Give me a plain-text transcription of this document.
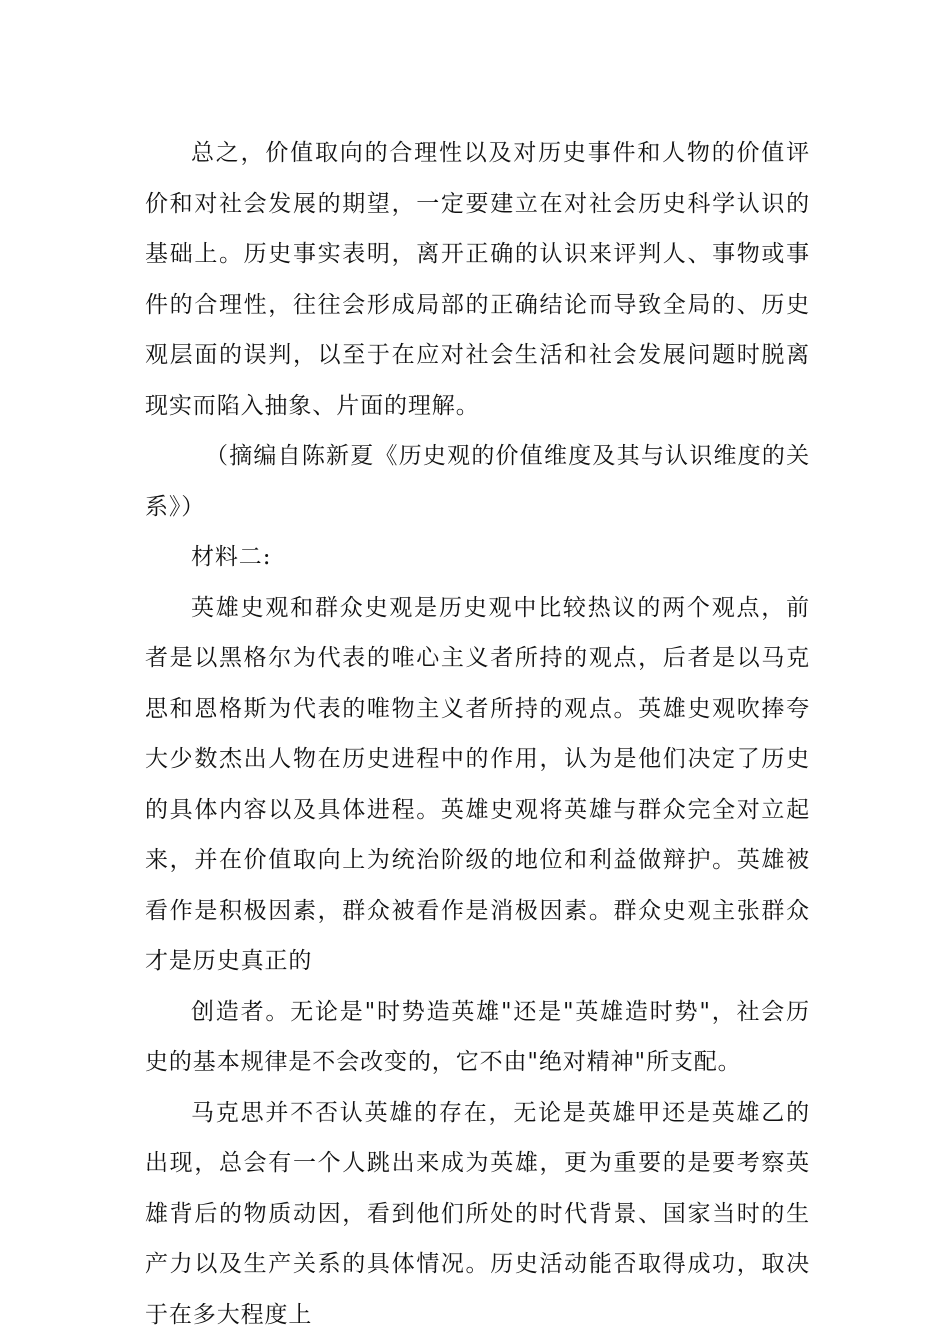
总之，价值取向的合理性以及对历史事件和人物的价值评价和对社会发展的期望，一定要建立在对社会历史科学认识的基础上。历史事实表明，离开正确的认识来评判人、事物或事件的合理性，往往会形成局部的正确结论而导致全局的、历史观层面的误判，以至于在应对社会生活和社会发展问题时脱离现实而陷入抽象、片面的理解。

（摘编自陈新夏《历史观的价值维度及其与认识维度的关系》）

材料二:

英雄史观和群众史观是历史观中比较热议的两个观点，前者是以黑格尔为代表的唯心主义者所持的观点，后者是以马克思和恩格斯为代表的唯物主义者所持的观点。英雄史观吹捧夸大少数杰出人物在历史进程中的作用，认为是他们决定了历史的具体内容以及具体进程。英雄史观将英雄与群众完全对立起来，并在价值取向上为统治阶级的地位和利益做辩护。英雄被看作是积极因素，群众被看作是消极因素。群众史观主张群众才是历史真正的

创造者。无论是"时势造英雄"还是"英雄造时势"，社会历史的基本规律是不会改变的，它不由"绝对精神"所支配。

马克思并不否认英雄的存在，无论是英雄甲还是英雄乙的出现，总会有一个人跳出来成为英雄，更为重要的是要考察英雄背后的物质动因，看到他们所处的时代背景、国家当时的生产力以及生产关系的具体情况。历史活动能否取得成功，取决于在多大程度上
